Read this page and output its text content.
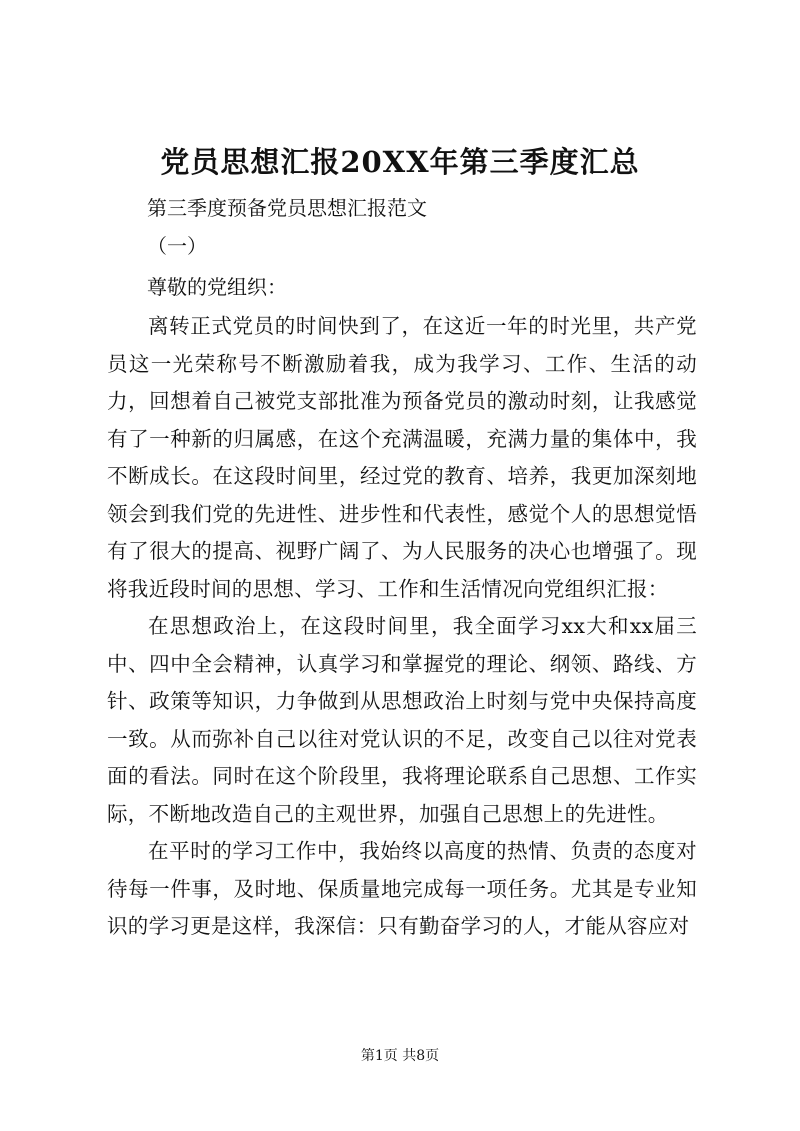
党员思想汇报20XX年第三季度汇总
第三季度预备党员思想汇报范文
（一）
尊敬的党组织：

离转正式党员的时间快到了，在这近一年的时光里，共产党员这一光荣称号不断激励着我，成为我学习、工作、生活的动力，回想着自己被党支部批准为预备党员的激动时刻，让我感觉有了一种新的归属感，在这个充满温暖，充满力量的集体中，我不断成长。在这段时间里，经过党的教育、培养，我更加深刻地领会到我们党的先进性、进步性和代表性，感觉个人的思想觉悟有了很大的提高、视野广阔了、为人民服务的决心也增强了。现将我近段时间的思想、学习、工作和生活情况向党组织汇报：

在思想政治上，在这段时间里，我全面学习xx大和xx届三中、四中全会精神，认真学习和掌握党的理论、纲领、路线、方针、政策等知识，力争做到从思想政治上时刻与党中央保持高度一致。从而弥补自己以往对党认识的不足，改变自己以往对党表面的看法。同时在这个阶段里，我将理论联系自己思想、工作实际，不断地改造自己的主观世界，加强自己思想上的先进性。

在平时的学习工作中，我始终以高度的热情、负责的态度对待每一件事，及时地、保质量地完成每一项任务。尤其是专业知识的学习更是这样，我深信：只有勤奋学习的人，才能从容应对

第1页 共8页
